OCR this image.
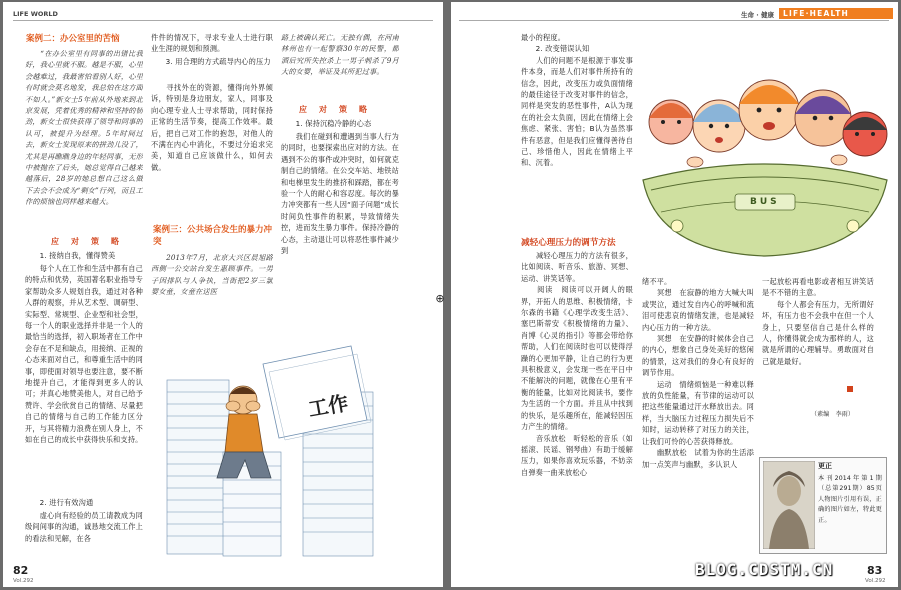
LIFE WORLD
案例二：办公室里的苦恼
　　“在办公室里有同事的出错比我好，我心里就不服。越是不服，心里会越难过，我最害怕看别人好，心里有时就会莫名地发，我总怕在这方面不如人。”新女士5年前从外地来到北京发展，凭着优秀的精神和坚持的韧劲，新女士很快获得了领导和同事的认可，被提升为经理。5年时间过去，新女士发现原来的拼劲儿没了，尤其是再瞧瞧身边的年轻同事，无形中被抛在了后头，她总觉得自己越来越落后，28岁的她总想自己这么做下去会不会成为“剩女”行列，而且工作的烦恼也同样越来越大。
应　对　策　略
　　1. 接纳自我，懂得赞美
　　每个人在工作和生活中都有自己的特点和优势，英国著名职业指导专家帮助众多人规划自我，通过对各种人群的观察，并从艺术型、调研型、实际型、常规型、企业型和社会型，每一个人的职业选择并非是一个人的最恰当的选择，初入职场者在工作中会存在不足和缺点，用接纳、正视的心态来面对自己，和尊重生活中的同事，即使面对领导也要注意，要不断地提升自己，才能得到更多人的认可；并真心地赞美他人，对自己给予赞许、学会欣赏自己的情绪、尽量把自己的情绪与自己的工作能力区分开，与其将精力浪费在别人身上，不如在自己的成长中获得快乐和支持。
　　2. 进行有效沟通
　　虚心向有经验的员工请教成为同级间间事的沟通，诚恳地交流工作上的看法和见解，在各
件件的情况下，寻求专业人士进行职业生涯的规划和预测。
　　3. 用合理的方式疏导内心的压力
　　寻找外在的资源，懂得向外界倾诉，特别是身边朋友，家人，同事及向心理专业人士寻求帮助，同时保持正常的生活节奏，提高工作效率。最后，把自己对工作的抱怨，对他人的不满在内心中消化，不要过分追求完美，知道自己应该做什么，如何去做。
案例三：公共场合发生的暴力冲突
　　2013年7月，北京大兴区晨旭路西侧一公交站台发生惠顾事件。一男子因排队与人争执，当街把2岁三氯婴女童，女童在送医
路上被确认死亡。无独有偶，在河南林州也有一起警察30年的民警，都酒后究所失控杀上一男子刺杀了9月大的女婴，举证及其所犯过事。
应　对　策　略
　　1. 保持沉稳冷静的心态
　　我们在碰到和遭遇到当事人行为的同时，也要探索出应对的方法。在遇到不公的事件或冲突时，如何就克制自己的情绪。在公交车站、地铁站和电梯里发生的推挤和踩踏，都在考验一个人的耐心和容忍度。每次的暴力冲突都有一些人因“面子问题”成长时间负性事件的积累，导致情绪失控，进而发生暴力事件。保持冷静的心态，主动退让可以将恶性事件减少到
工作
82
Vol.292
⊕
生命 · 健康 LIFE·HEALTH
最小的程度。
　　2. 改变错误认知
　　人们的问题不是根源于事发事件本身，而是人们对事件所持有的信念，因此，改变压力或负面情绪的最佳途径于改变对事件的信念，同样是突发的恶性事件，A认为现在的社会太负面，因此在情绪上会焦虑、紧张、害怕；B认为虽然事件有恶意，但是我们应懂得善待自己、珍惜他人，因此在情绪上平和、沉着。
减轻心理压力的调节方法
　　减轻心理压力的方法有很多，比如阅读、听音乐、旅游、冥想、运动、讲笑话等。
　　阅读　阅读可以开阔人的眼界，开拓人的思维、积极情绪，卡尔森的书籍《心理学改变生活》、塞巴斯蒂安《积极情绪的力量》、肖博《心灵的指引》等都会带给你帮助，人们在阅读时也可以使得浮躁的心更加平静，让自己的行为更具积极意义，会发现一些在平日中不能解决的问题，就像在心里有平衡的能量，比如对比阅读书，要作为生活的一个方面。并且从中找到的快乐，是乐趣所在，能减轻因压力产生的情绪。
　　音乐放松　听轻松的音乐（如摇滚、民谣、钢琴曲）有助于缓解压力，如果你喜欢玩乐器，不妨亲自弹奏一曲来放松心
BUS
绪不平。
　　冥想　在寂静的地方大喊大叫或哭泣，通过发自内心的呼喊和流泪可使悲哀的情绪发泄，也是减轻内心压力的一种方法。
　　冥想　在安静的时候体会自己的内心，想象自己身处美好的悠闲的情景，这对我们的身心有良好的调节作用。
　　运动　情绪烦恼是一种难以释放的负性能量，有节律的运动可以把这些能量通过汗水释放出去。同样，当大脑压力过程压力损失后不知时，运动转移了对压力的关注，让我们可怜的心苦获得释放。
　　幽默放松　试着为你的生活添加一点笑声与幽默，多认识人
一起放松再看电影或者相互讲笑话是不不错的主意。
　　每个人都会有压力，无所谓好坏，有压力也不会我中在但一个人身上，只要坚信自己是什么样的人，你懂得就会成为那样的人，这就是所谓的心理辅导。勇敢面对自己就是最好。
（素编　李雨）
更正
本刊2014年第1期（总第291期）85页人物图片引用有误，正确的图片如左，特此更正。
BLOG.CDSTM.CN	83
Vol.292
